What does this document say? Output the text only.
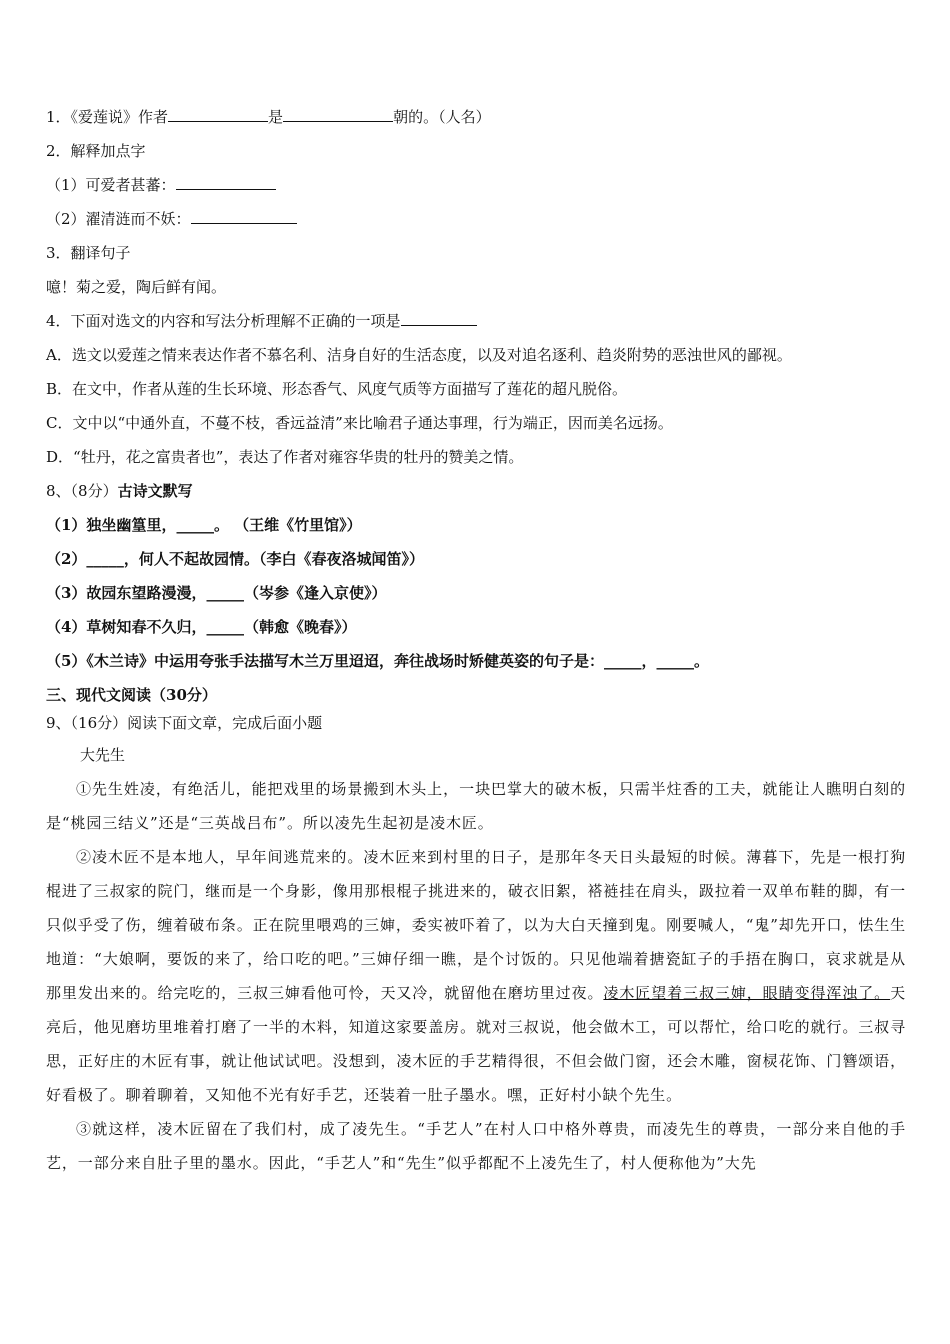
1．《爱莲说》作者	是	朝的。（人名）
2．解释加点字
（1）可爱者甚蕃：
（2）濯清涟而不妖：
3．翻译句子
噫！菊之爱，陶后鲜有闻。
4．下面对选文的内容和写法分析理解不正确的一项是
A．选文以爱莲之情来表达作者不慕名利、洁身自好的生活态度，以及对追名逐利、趋炎附势的恶浊世风的鄙视。
B．在文中，作者从莲的生长环境、形态香气、风度气质等方面描写了莲花的超凡脱俗。
C．文中以“中通外直，不蔓不枝，香远益清”来比喻君子通达事理，行为端正，因而美名远扬。
D．“牡丹，花之富贵者也”，表达了作者对雍容华贵的牡丹的赞美之情。
8、（8分）古诗文默写
（1）独坐幽篁里，_____。 （王维《竹里馆》）
（2）_____，何人不起故园情。（李白《春夜洛城闻笛》）
（3）故园东望路漫漫，_____（岑参《逢入京使》）
（4）草树知春不久归，_____（韩愈《晚春》）
（5）《木兰诗》中运用夸张手法描写木兰万里迢迢，奔往战场时矫健英姿的句子是：_____，_____。
三、现代文阅读（30分）
9、（16分）阅读下面文章，完成后面小题
大先生

①先生姓凌，有绝活儿，能把戏里的场景搬到木头上，一块巴掌大的破木板，只需半炷香的工夫，就能让人瞧明白刻的是“桃园三结义”还是“三英战吕布”。所以凌先生起初是凌木匠。

②凌木匠不是本地人，早年间逃荒来的。凌木匠来到村里的日子，是那年冬天日头最短的时候。薄暮下，先是一根打狗棍进了三叔家的院门，继而是一个身影，像用那根棍子挑进来的，破衣旧絮，褡裢挂在肩头，趿拉着一双单布鞋的脚，有一只似乎受了伤，缠着破布条。正在院里喂鸡的三婶，委实被吓着了，以为大白天撞到鬼。刚要喊人，“鬼”却先开口，怯生生地道：“大娘啊，要饭的来了，给口吃的吧。”三婶仔细一瞧，是个讨饭的。只见他端着搪瓷缸子的手捂在胸口，哀求就是从那里发出来的。给完吃的，三叔三婶看他可怜，天又冷，就留他在磨坊里过夜。凌木匠望着三叔三婶，眼睛变得浑浊了。天亮后，他见磨坊里堆着打磨了一半的木料，知道这家要盖房。就对三叔说，他会做木工，可以帮忙，给口吃的就行。三叔寻思，正好庄的木匠有事，就让他试试吧。没想到，凌木匠的手艺精得很，不但会做门窗，还会木雕，窗棂花饰、门簪颂语，好看极了。聊着聊着，又知他不光有好手艺，还装着一肚子墨水。嘿，正好村小缺个先生。

③就这样，凌木匠留在了我们村，成了凌先生。“手艺人”在村人口中格外尊贵，而凌先生的尊贵，一部分来自他的手艺，一部分来自肚子里的墨水。因此，“手艺人”和“先生”似乎都配不上凌先生了，村人便称他为”大先
